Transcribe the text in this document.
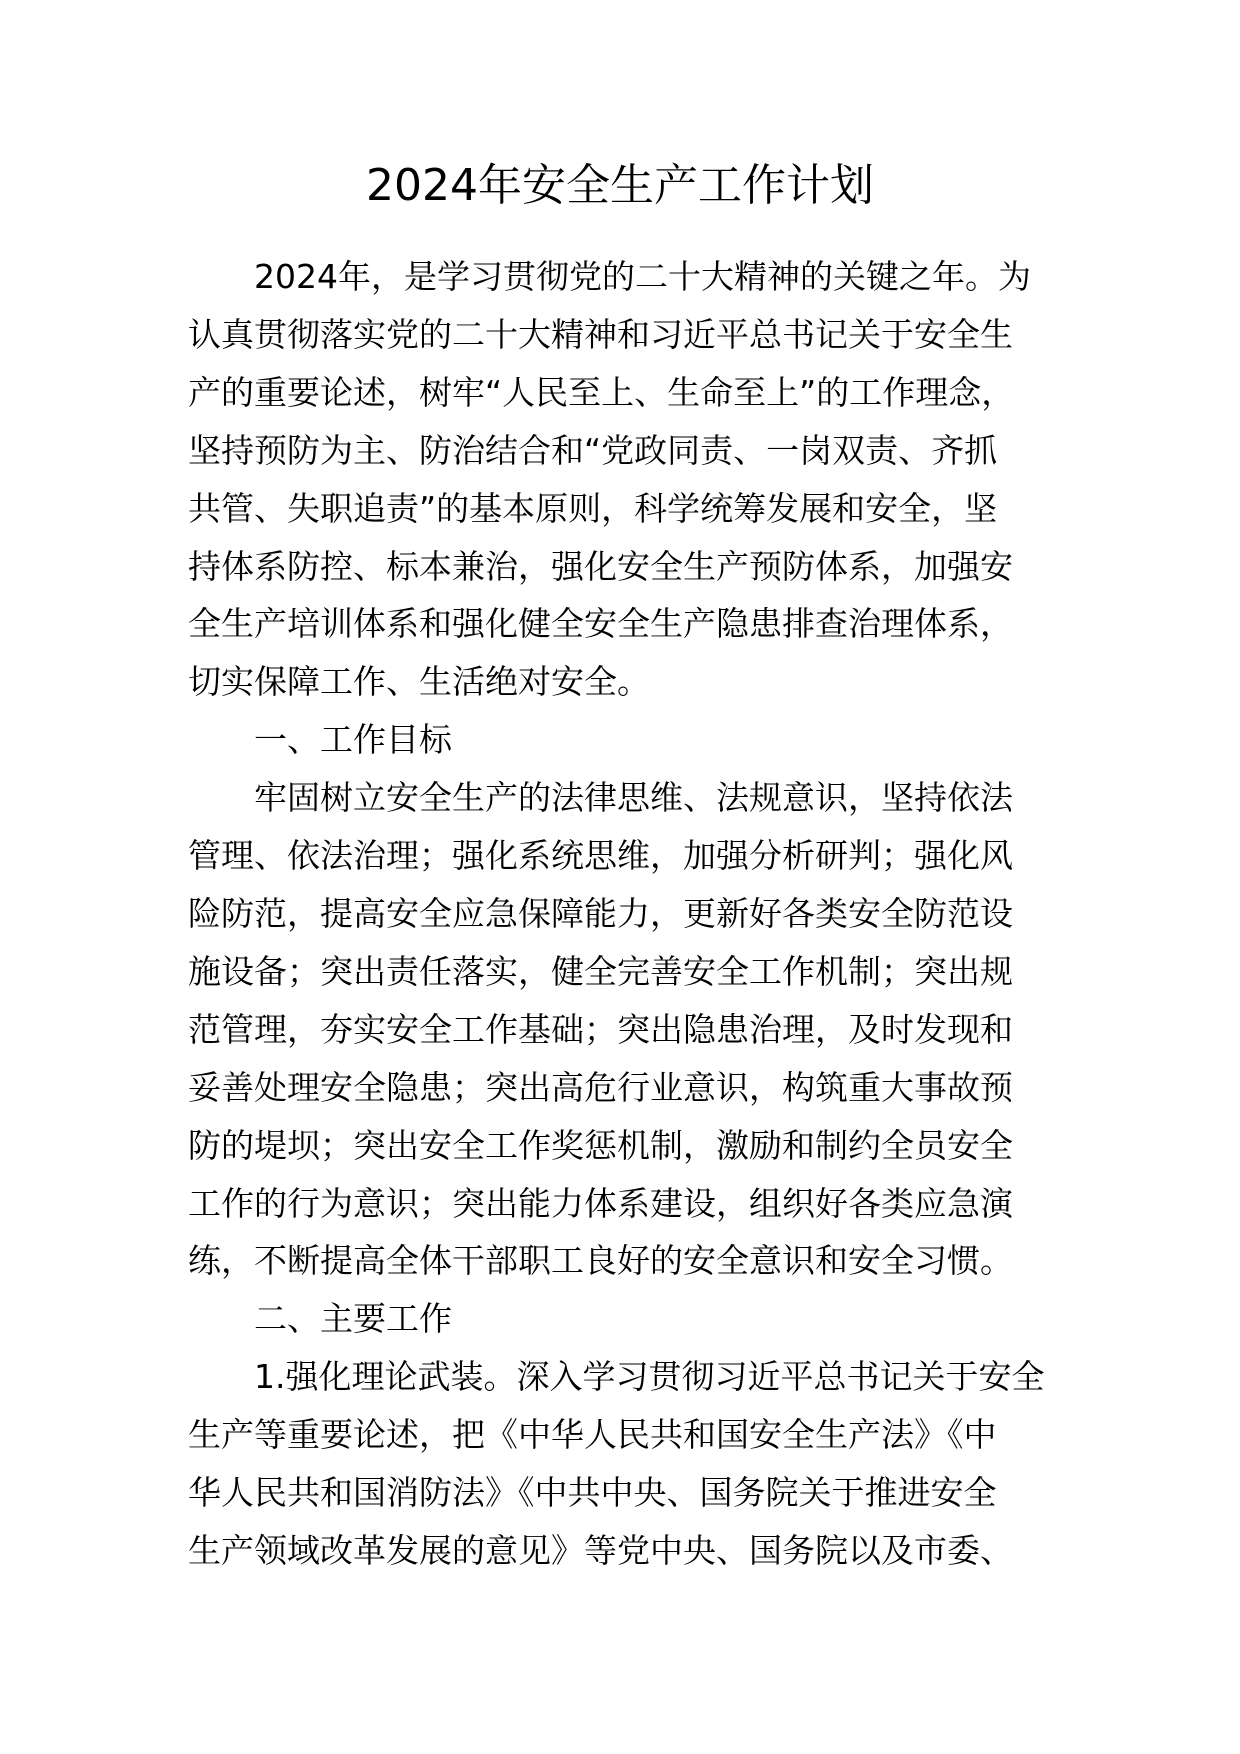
2024年安全生产工作计划

2024年，是学习贯彻党的二十大精神的关键之年。为
认真贯彻落实党的二十大精神和习近平总书记关于安全生
产的重要论述，树牢“人民至上、生命至上”的工作理念，
坚持预防为主、防治结合和“党政同责、一岗双责、齐抓
共管、失职追责”的基本原则，科学统筹发展和安全，坚
持体系防控、标本兼治，强化安全生产预防体系，加强安
全生产培训体系和强化健全安全生产隐患排查治理体系，
切实保障工作、生活绝对安全。

一、工作目标

牢固树立安全生产的法律思维、法规意识，坚持依法
管理、依法治理；强化系统思维，加强分析研判；强化风
险防范，提高安全应急保障能力，更新好各类安全防范设
施设备；突出责任落实，健全完善安全工作机制；突出规
范管理，夯实安全工作基础；突出隐患治理，及时发现和
妥善处理安全隐患；突出高危行业意识，构筑重大事故预
防的堤坝；突出安全工作奖惩机制，激励和制约全员安全
工作的行为意识；突出能力体系建设，组织好各类应急演
练，不断提高全体干部职工良好的安全意识和安全习惯。

二、主要工作

1.强化理论武装。深入学习贯彻习近平总书记关于安全
生产等重要论述，把《中华人民共和国安全生产法》《中
华人民共和国消防法》《中共中央、国务院关于推进安全
生产领域改革发展的意见》等党中央、国务院以及市委、
